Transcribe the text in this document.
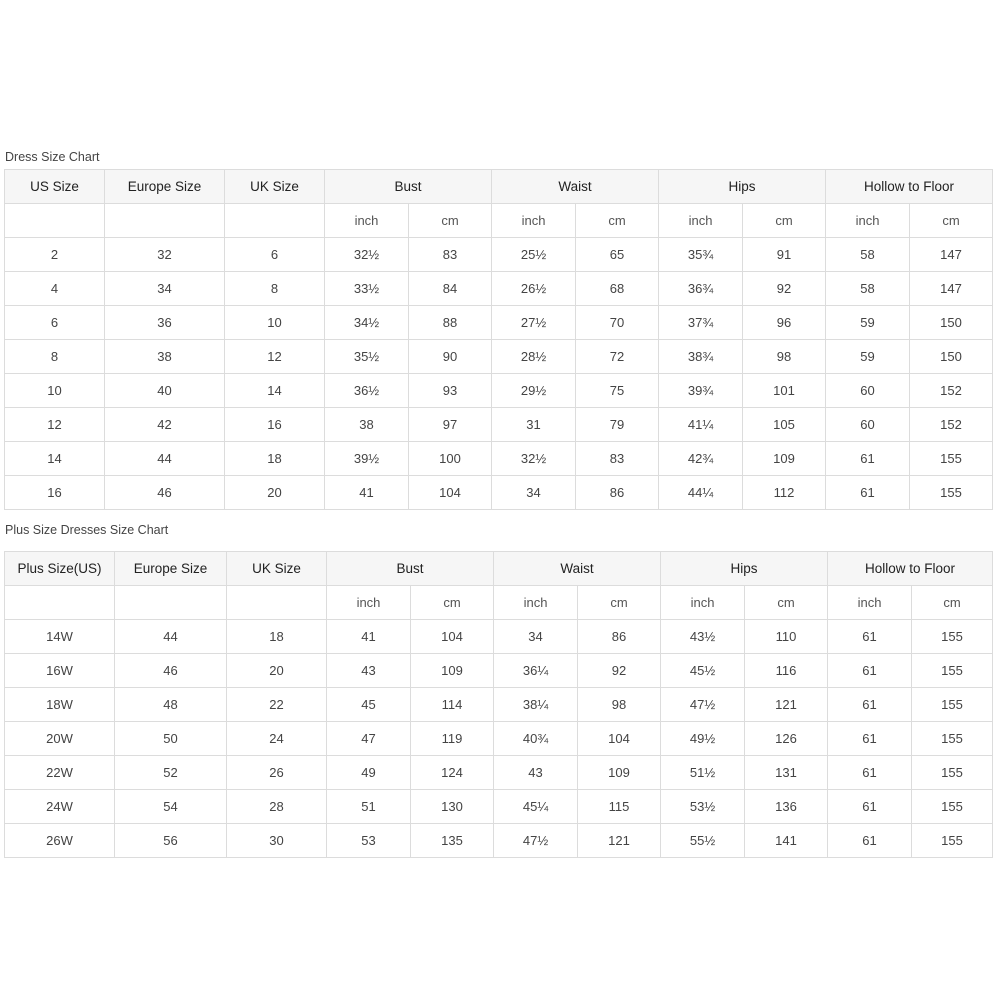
Dress Size Chart
US Size	Europe Size	UK Size	Bust		Waist		Hips		Hollow to Floor	
			inch	cm	inch	cm	inch	cm	inch	cm
2	32	6	32½	83	25½	65	35¾	91	58	147
4	34	8	33½	84	26½	68	36¾	92	58	147
6	36	10	34½	88	27½	70	37¾	96	59	150
8	38	12	35½	90	28½	72	38¾	98	59	150
10	40	14	36½	93	29½	75	39¾	101	60	152
12	42	16	38	97	31	79	41¼	105	60	152
14	44	18	39½	100	32½	83	42¾	109	61	155
16	46	20	41	104	34	86	44¼	112	61	155
Plus Size Dresses Size Chart
Plus Size(US)	Europe Size	UK Size	Bust		Waist		Hips		Hollow to Floor	
			inch	cm	inch	cm	inch	cm	inch	cm
14W	44	18	41	104	34	86	43½	110	61	155
16W	46	20	43	109	36¼	92	45½	116	61	155
18W	48	22	45	114	38¼	98	47½	121	61	155
20W	50	24	47	119	40¾	104	49½	126	61	155
22W	52	26	49	124	43	109	51½	131	61	155
24W	54	28	51	130	45¼	115	53½	136	61	155
26W	56	30	53	135	47½	121	55½	141	61	155
